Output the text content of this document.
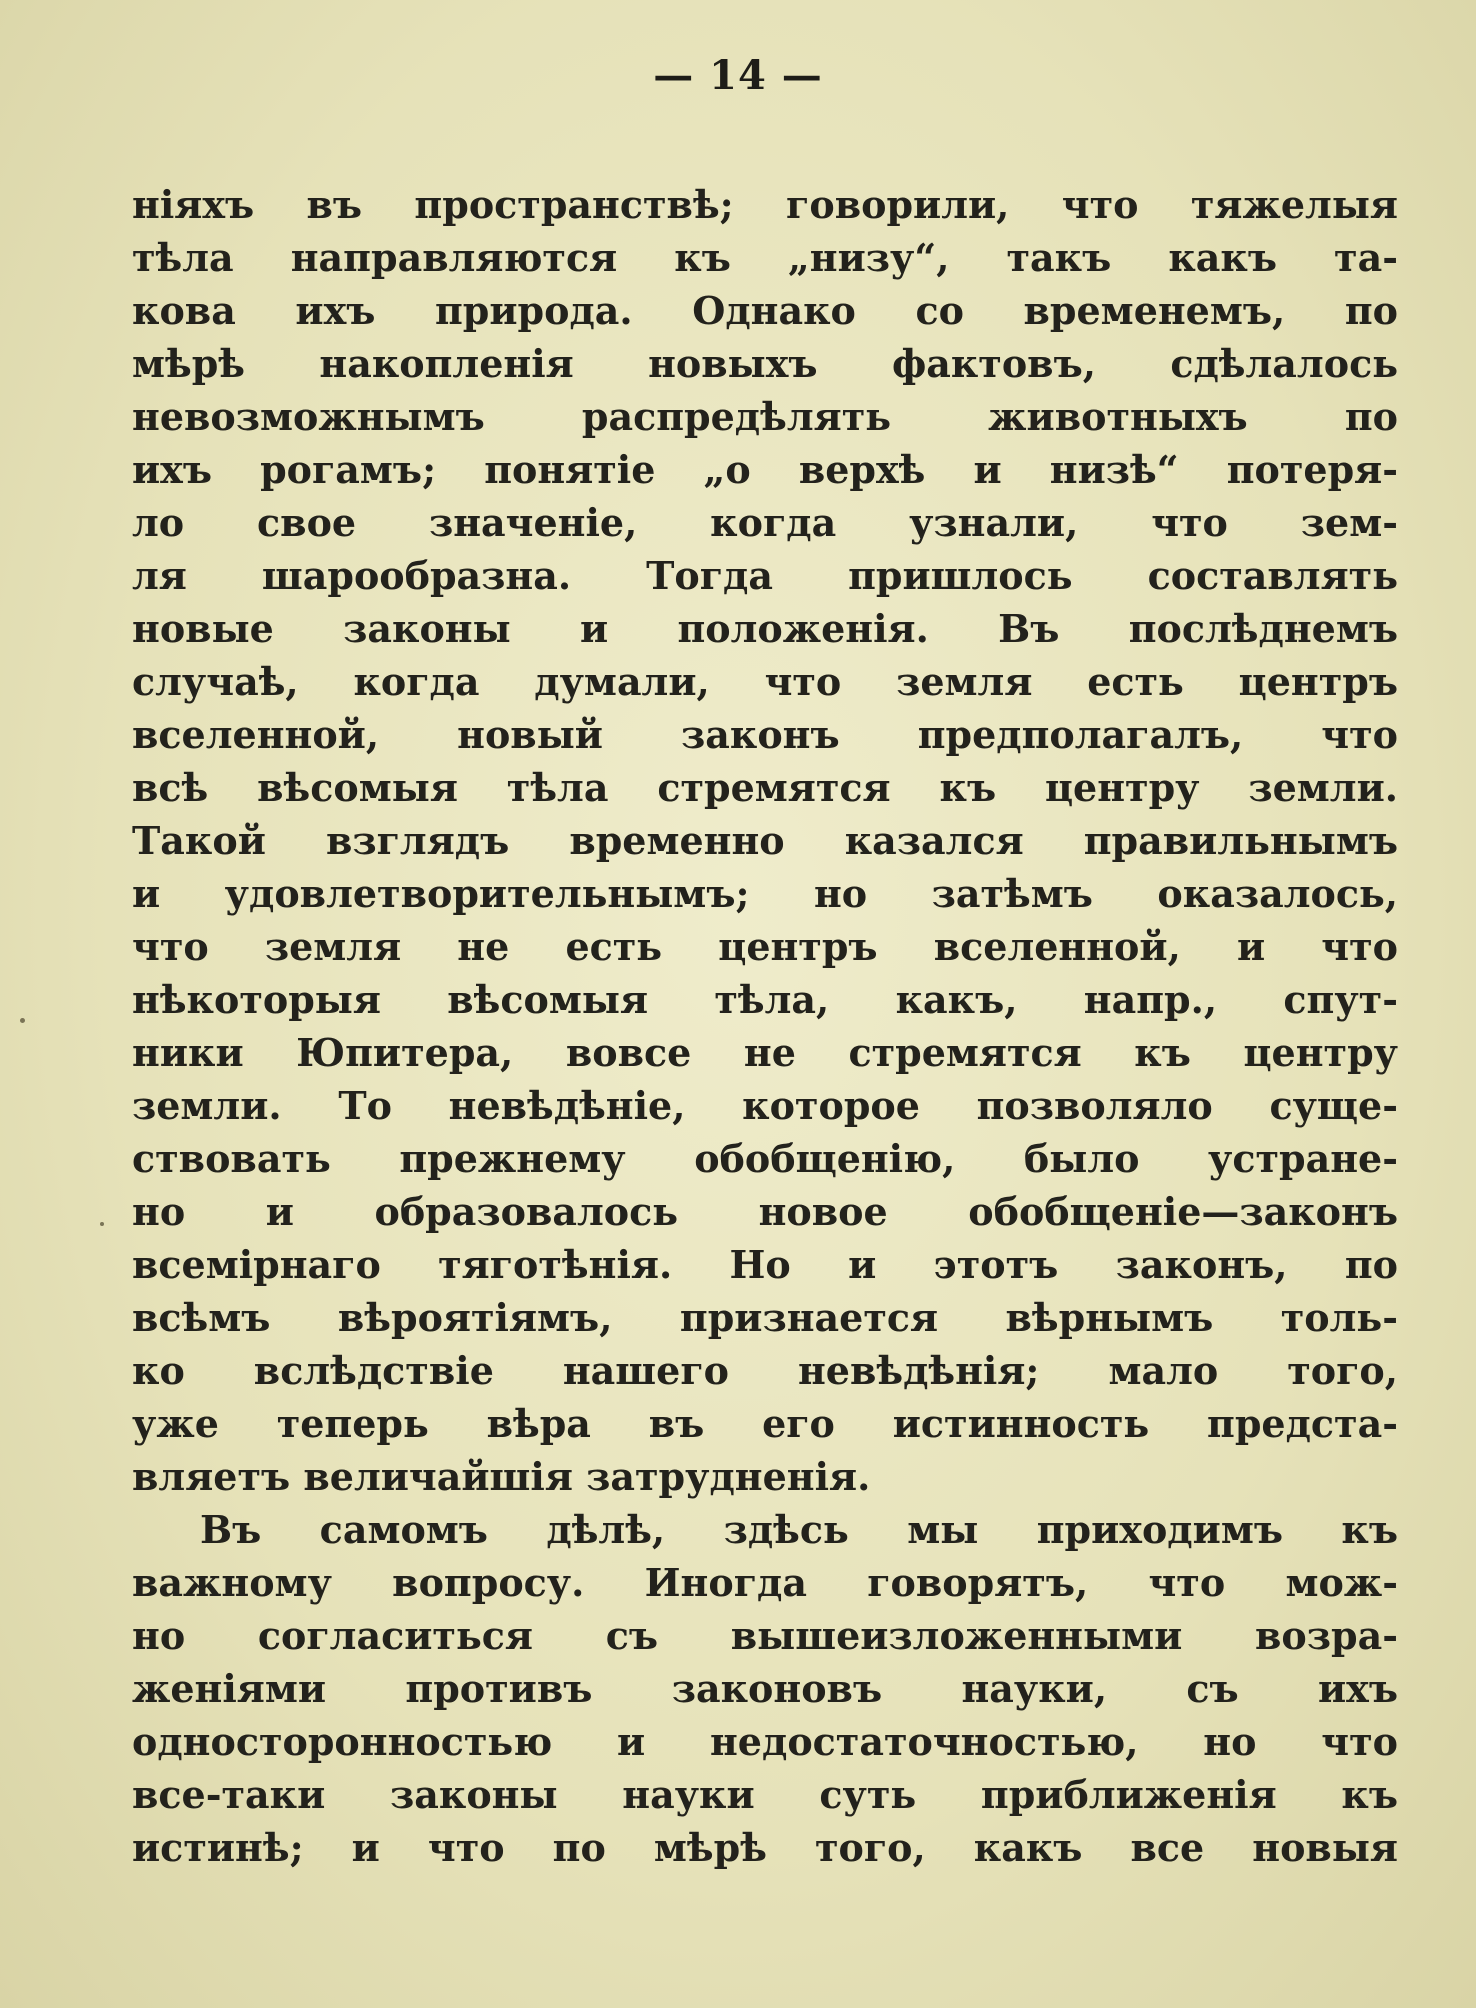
— 14 —
ніяхъ въ пространствѣ; говорили, что тяжелыя
тѣла направляются къ „низу“, такъ какъ та-
кова ихъ природа. Однако со временемъ, по
мѣрѣ накопленія новыхъ фактовъ, сдѣлалось
невозможнымъ распредѣлять животныхъ по
ихъ рогамъ; понятіе „о верхѣ и низѣ“ потеря-
ло свое значеніе, когда узнали, что зем-
ля шарообразна. Тогда пришлось составлять
новые законы и положенія. Въ послѣднемъ
случаѣ, когда думали, что земля есть центръ
вселенной, новый законъ предполагалъ, что
всѣ вѣсомыя тѣла стремятся къ центру земли.
Такой взглядъ временно казался правильнымъ
и удовлетворительнымъ; но затѣмъ оказалось,
что земля не есть центръ вселенной, и что
нѣкоторыя вѣсомыя тѣла, какъ, напр., спут-
ники Юпитера, вовсе не стремятся къ центру
земли. То невѣдѣніе, которое позволяло суще-
ствовать прежнему обобщенію, было устране-
но и образовалось новое обобщеніе—законъ
всемірнаго тяготѣнія. Но и этотъ законъ, по
всѣмъ вѣроятіямъ, признается вѣрнымъ толь-
ко вслѣдствіе нашего невѣдѣнія; мало того,
уже теперь вѣра въ его истинность предста-
вляетъ величайшія затрудненія.
Въ самомъ дѣлѣ, здѣсь мы приходимъ къ
важному вопросу. Иногда говорятъ, что мож-
но согласиться съ вышеизложенными возра-
женіями противъ законовъ науки, съ ихъ
односторонностью и недостаточностью, но что
все-таки законы науки суть приближенія къ
истинѣ; и что по мѣрѣ того, какъ все новыя
